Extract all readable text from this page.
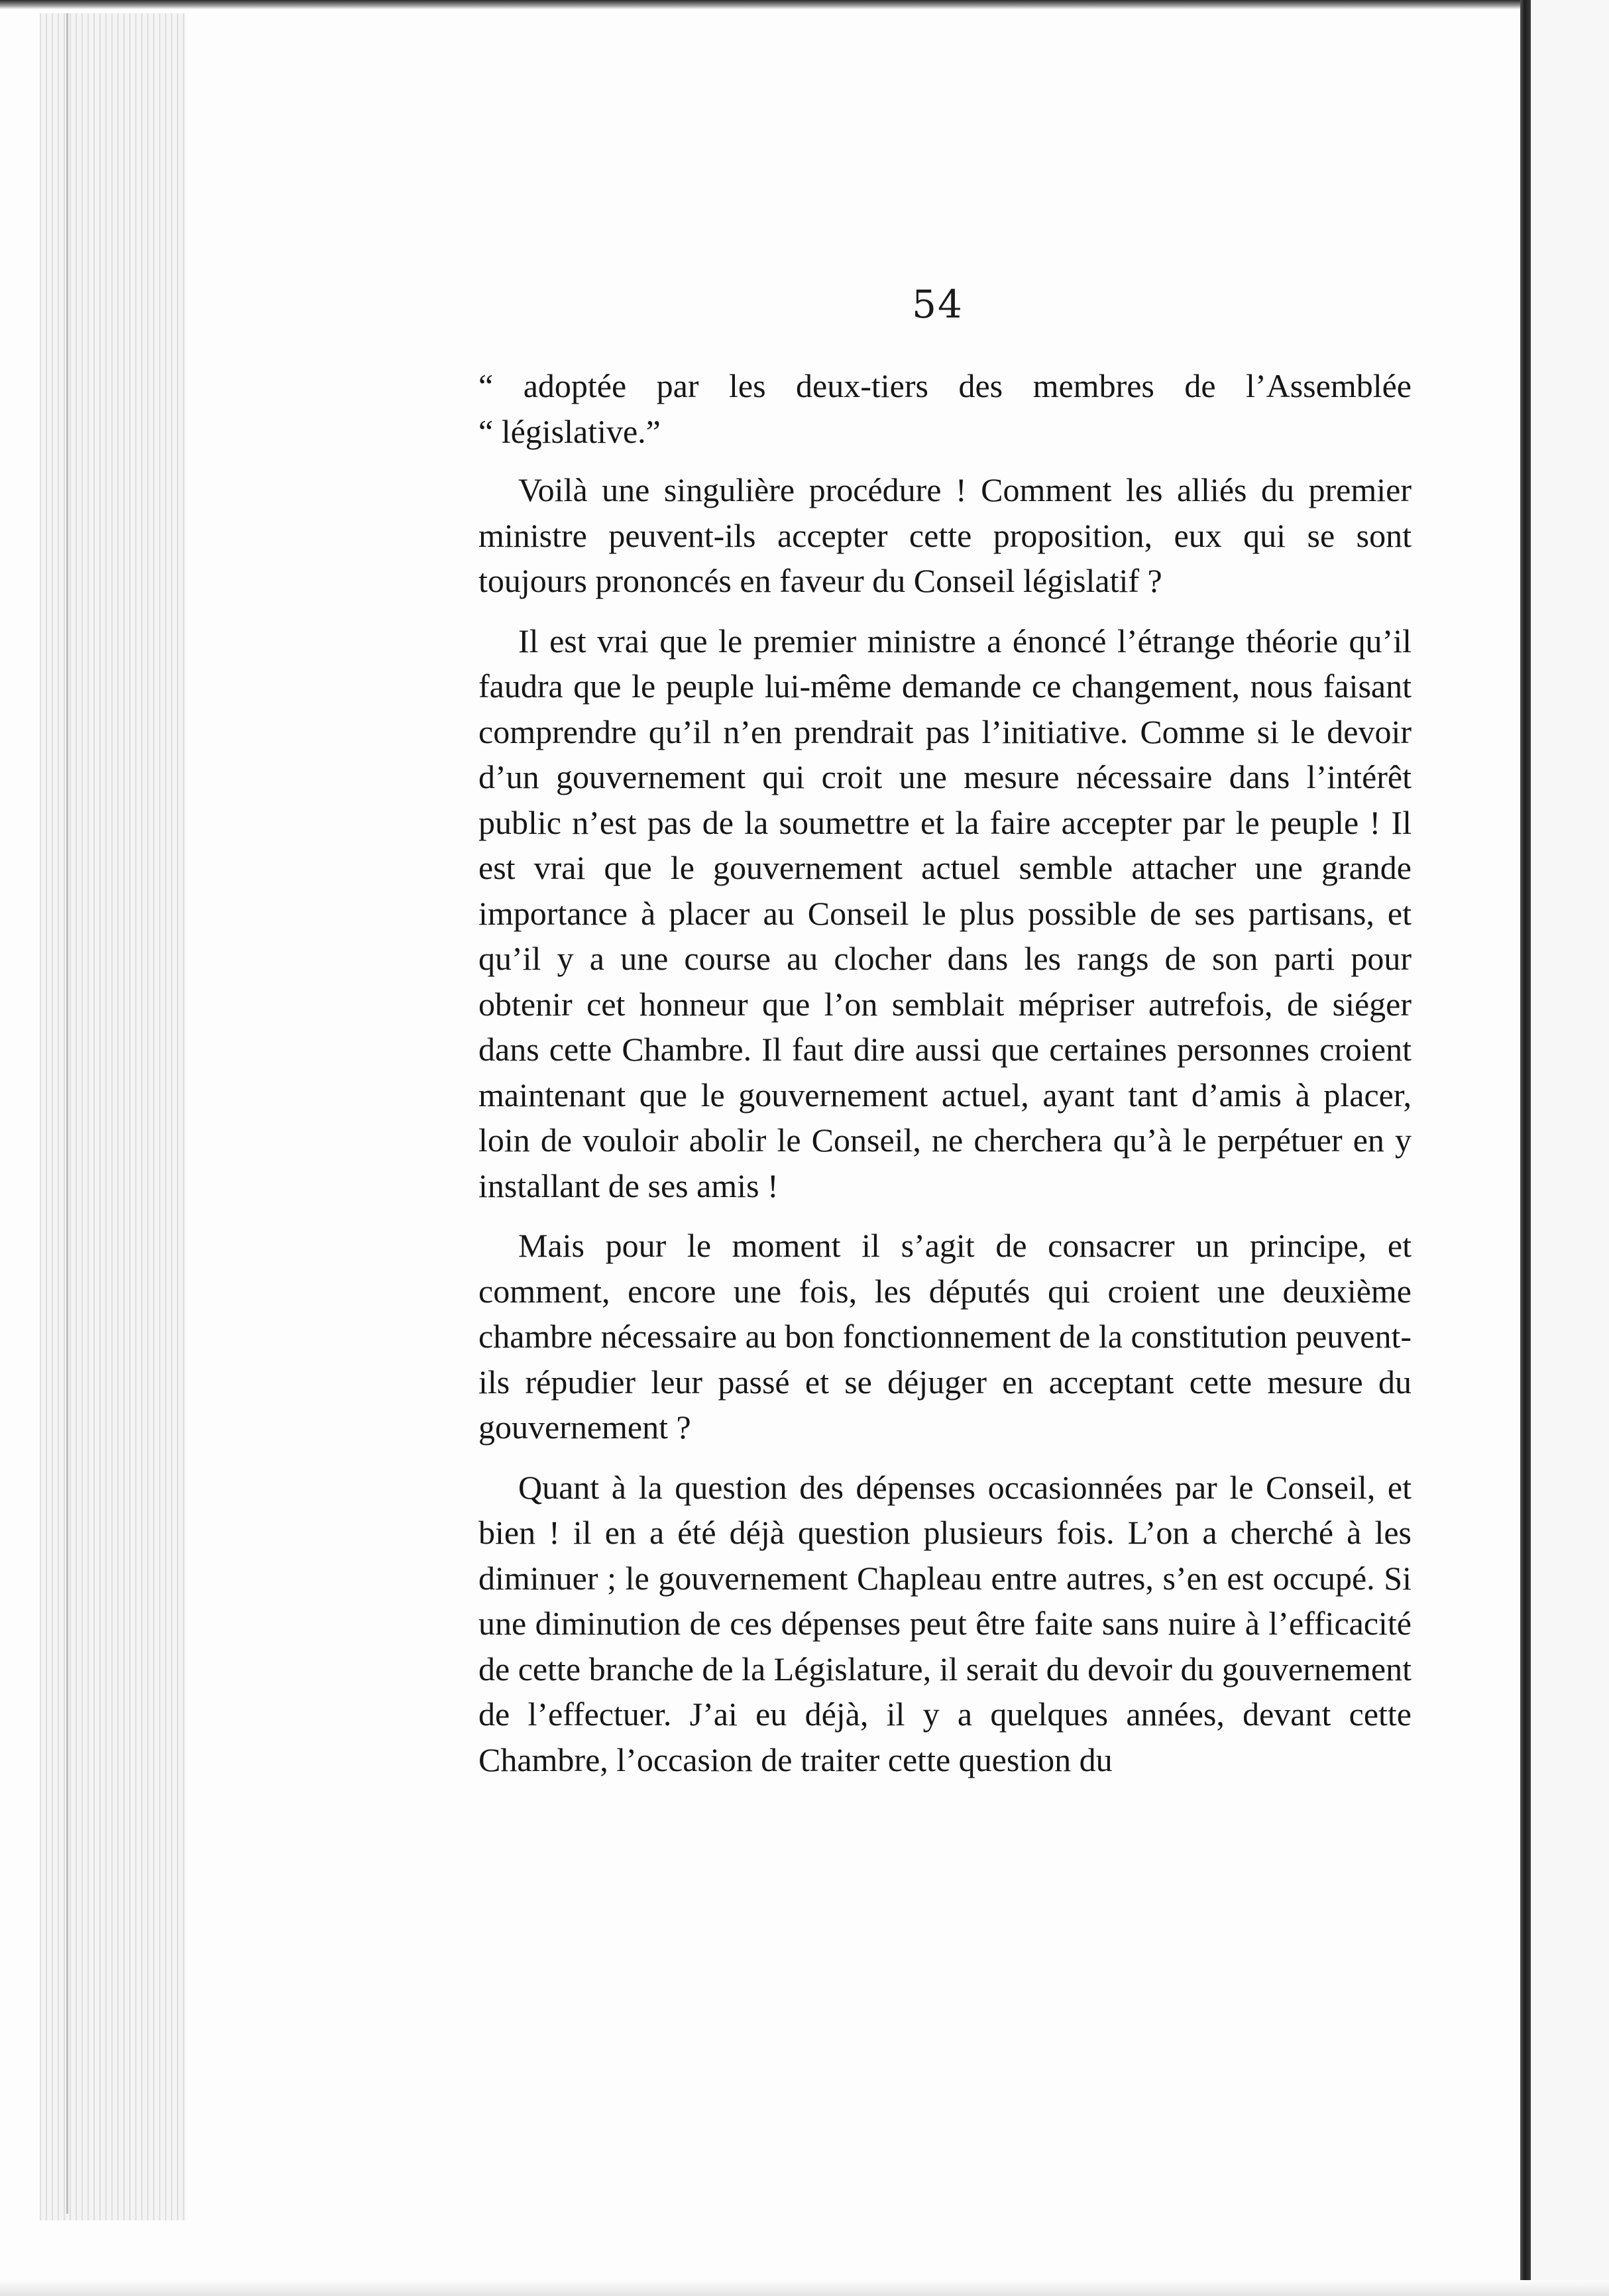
54

“ adoptée par les deux-tiers des membres de l’Assemblée
“ législative.”

Voilà une singulière procédure ! Comment les alliés du premier ministre peuvent-ils accepter cette proposition, eux qui se sont toujours prononcés en faveur du Conseil législatif ?

Il est vrai que le premier ministre a énoncé l’étrange théorie qu’il faudra que le peuple lui-même demande ce changement, nous faisant comprendre qu’il n’en prendrait pas l’initiative. Comme si le devoir d’un gouvernement qui croit une mesure nécessaire dans l’intérêt public n’est pas de la soumettre et la faire accepter par le peuple ! Il est vrai que le gouvernement actuel semble attacher une grande importance à placer au Conseil le plus possible de ses partisans, et qu’il y a une course au clocher dans les rangs de son parti pour obtenir cet honneur que l’on semblait mépriser autrefois, de siéger dans cette Chambre. Il faut dire aussi que certaines personnes croient maintenant que le gouvernement actuel, ayant tant d’amis à placer, loin de vouloir abolir le Conseil, ne cherchera qu’à le perpétuer en y installant de ses amis !

Mais pour le moment il s’agit de consacrer un principe, et comment, encore une fois, les députés qui croient une deuxième chambre nécessaire au bon fonctionnement de la constitution peuvent-ils répudier leur passé et se déjuger en acceptant cette mesure du gouvernement ?

Quant à la question des dépenses occasionnées par le Conseil, et bien ! il en a été déjà question plusieurs fois. L’on a cherché à les diminuer ; le gouvernement Chapleau entre autres, s’en est occupé. Si une diminution de ces dépenses peut être faite sans nuire à l’efficacité de cette branche de la Législature, il serait du devoir du gouvernement de l’effectuer. J’ai eu déjà, il y a quelques années, devant cette Chambre, l’occasion de traiter cette question du
